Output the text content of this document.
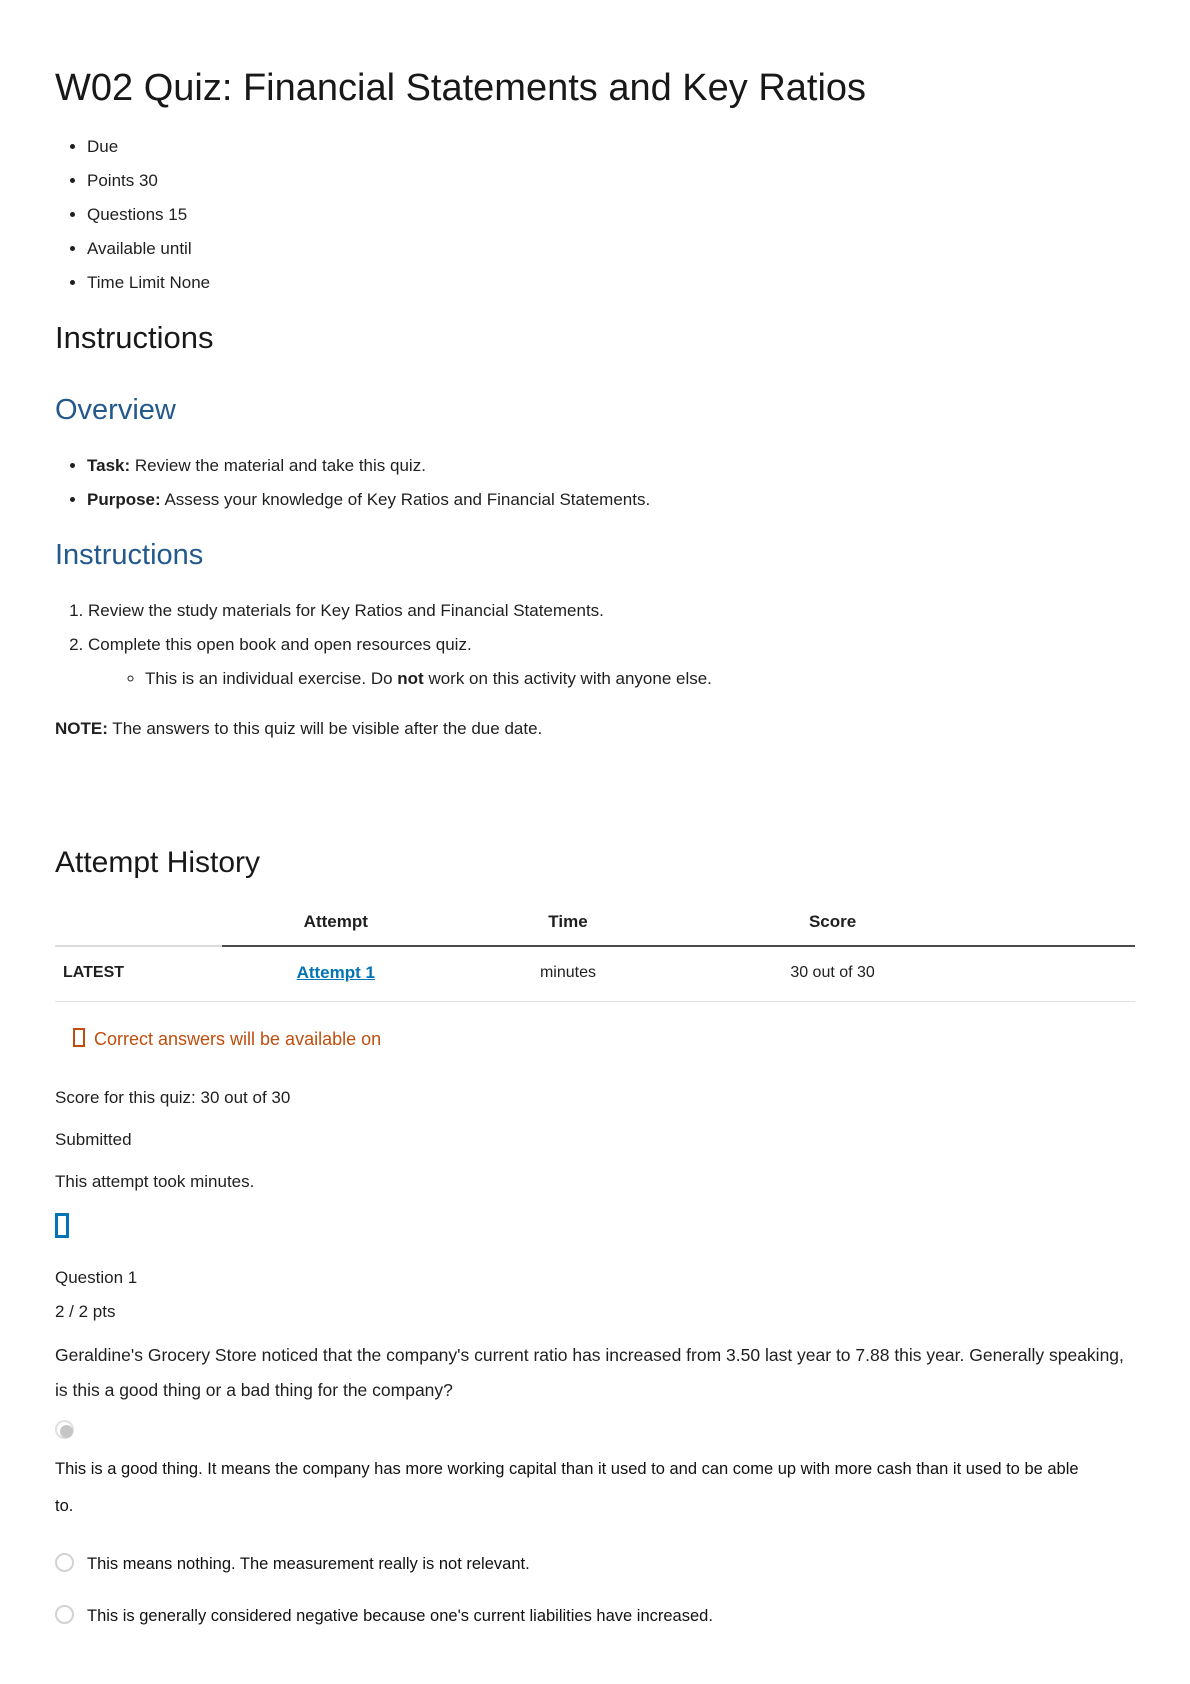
W02 Quiz: Financial Statements and Key Ratios
• Due
• Points 30
• Questions 15
• Available until
• Time Limit None
Instructions
Overview
• Task: Review the material and take this quiz.
• Purpose: Assess your knowledge of Key Ratios and Financial Statements.
Instructions
1. Review the study materials for Key Ratios and Financial Statements.
2. Complete this open book and open resources quiz.
◦ This is an individual exercise. Do not work on this activity with anyone else.

NOTE: The answers to this quiz will be visible after the due date.

Attempt History
	Attempt	Time	Score	
LATEST	Attempt 1	minutes	30 out of 30	
Correct answers will be available on

Score for this quiz: 30 out of 30

Submitted

This attempt took minutes.

Question 1

2 / 2 pts

Geraldine's Grocery Store noticed that the company's current ratio has increased from 3.50 last year to 7.88 this year. Generally speaking, is this a good thing or a bad thing for the company?

This is a good thing. It means the company has more working capital than it used to and can come up with more cash than it used to be able to.
This means nothing. The measurement really is not relevant.
This is generally considered negative because one's current liabilities have increased.
